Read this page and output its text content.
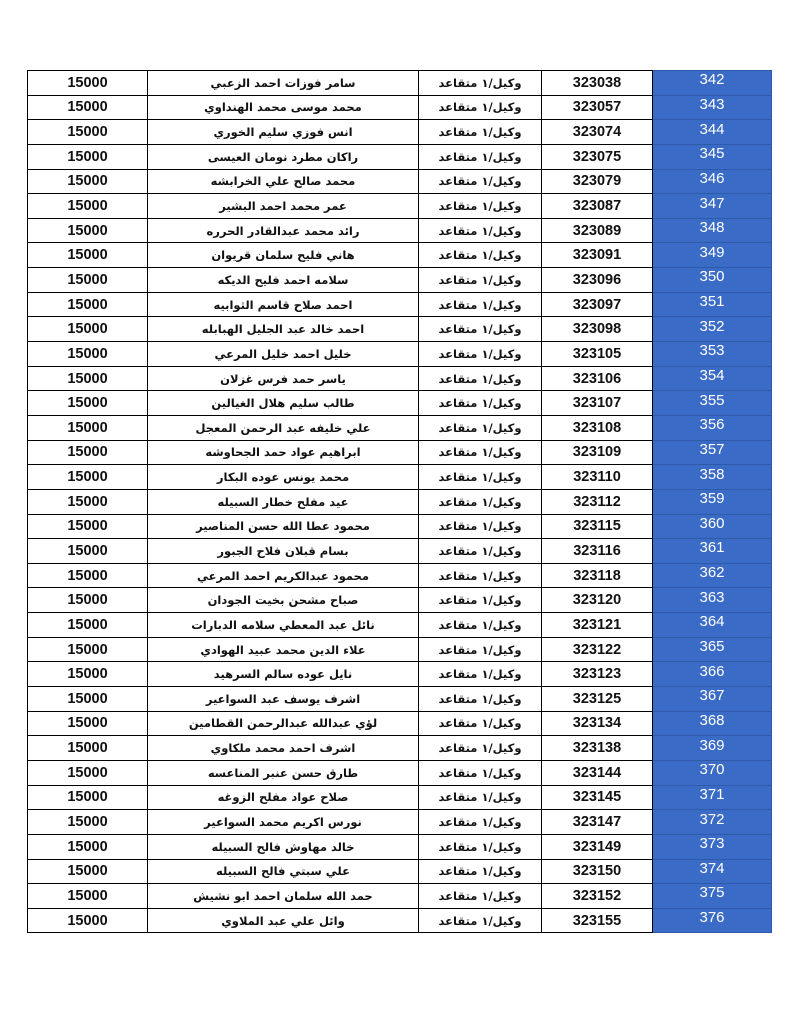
15000	سامر فوزات احمد الزعبي	وكيل/١ متقاعد	323038	342
15000	محمد موسى محمد الهنداوي	وكيل/١ متقاعد	323057	343
15000	انس فوزي سليم الخوري	وكيل/١ متقاعد	323074	344
15000	راكان مطرد نومان العيسى	وكيل/١ متقاعد	323075	345
15000	محمد صالح علي الخرابشه	وكيل/١ متقاعد	323079	346
15000	عمر محمد احمد البشير	وكيل/١ متقاعد	323087	347
15000	رائد محمد عبدالقادر الحرره	وكيل/١ متقاعد	323089	348
15000	هاني فليح سلمان قريوان	وكيل/١ متقاعد	323091	349
15000	سلامه احمد فليح الديكه	وكيل/١ متقاعد	323096	350
15000	احمد صلاح قاسم الثوابيه	وكيل/١ متقاعد	323097	351
15000	احمد خالد عبد الجليل الهبابله	وكيل/١ متقاعد	323098	352
15000	خليل احمد خليل المرعي	وكيل/١ متقاعد	323105	353
15000	ياسر حمد فرس غزلان	وكيل/١ متقاعد	323106	354
15000	طالب سليم هلال الغيالين	وكيل/١ متقاعد	323107	355
15000	علي خليفه عبد الرحمن المعجل	وكيل/١ متقاعد	323108	356
15000	ابراهيم عواد حمد الجحاوشه	وكيل/١ متقاعد	323109	357
15000	محمد يونس عوده البكار	وكيل/١ متقاعد	323110	358
15000	عيد مفلح خطار السبيله	وكيل/١ متقاعد	323112	359
15000	محمود عطا الله حسن المناصير	وكيل/١ متقاعد	323115	360
15000	بسام قبلان فلاح الجبور	وكيل/١ متقاعد	323116	361
15000	محمود عبدالكريم احمد المرعي	وكيل/١ متقاعد	323118	362
15000	صباح مشحن بخيت الجودان	وكيل/١ متقاعد	323120	363
15000	نائل عبد المعطي سلامه الدبارات	وكيل/١ متقاعد	323121	364
15000	علاء الدين محمد عبيد الهوادي	وكيل/١ متقاعد	323122	365
15000	نايل عوده سالم السرهيد	وكيل/١ متقاعد	323123	366
15000	اشرف يوسف عبد السواعير	وكيل/١ متقاعد	323125	367
15000	لؤي عبدالله عبدالرحمن القطامين	وكيل/١ متقاعد	323134	368
15000	اشرف احمد محمد ملكاوي	وكيل/١ متقاعد	323138	369
15000	طارق حسن عنبر المناعسه	وكيل/١ متقاعد	323144	370
15000	صلاح عواد مفلح الزوغه	وكيل/١ متقاعد	323145	371
15000	نورس اكريم محمد السواعير	وكيل/١ متقاعد	323147	372
15000	خالد مهاوش فالح السبيله	وكيل/١ متقاعد	323149	373
15000	علي سبتي فالح السبيله	وكيل/١ متقاعد	323150	374
15000	حمد الله سلمان احمد ابو نشيش	وكيل/١ متقاعد	323152	375
15000	وائل علي عبد الملاوي	وكيل/١ متقاعد	323155	376
